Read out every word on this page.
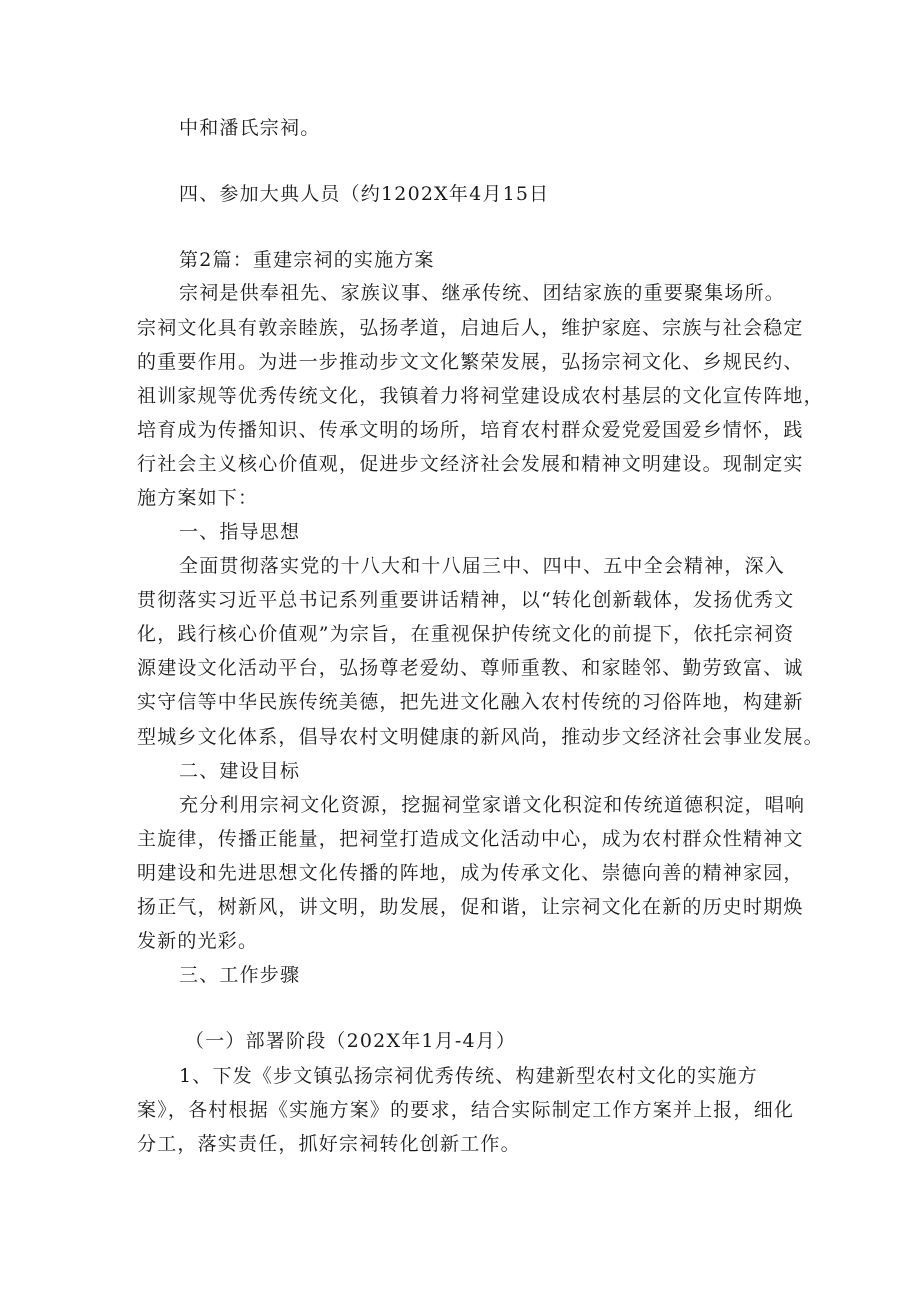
中和潘氏宗祠。
四、参加大典人员（约1202X年4月15日
第2篇：重建宗祠的实施方案
宗祠是供奉祖先、家族议事、继承传统、团结家族的重要聚集场所。
宗祠文化具有敦亲睦族，弘扬孝道，启迪后人，维护家庭、宗族与社会稳定
的重要作用。为进一步推动步文文化繁荣发展，弘扬宗祠文化、乡规民约、
祖训家规等优秀传统文化，我镇着力将祠堂建设成农村基层的文化宣传阵地，
培育成为传播知识、传承文明的场所，培育农村群众爱党爱国爱乡情怀，践
行社会主义核心价值观，促进步文经济社会发展和精神文明建设。现制定实
施方案如下：
一、指导思想
全面贯彻落实党的十八大和十八届三中、四中、五中全会精神，深入
贯彻落实习近平总书记系列重要讲话精神，以“转化创新载体，发扬优秀文
化，践行核心价值观”为宗旨，在重视保护传统文化的前提下，依托宗祠资
源建设文化活动平台，弘扬尊老爱幼、尊师重教、和家睦邻、勤劳致富、诚
实守信等中华民族传统美德，把先进文化融入农村传统的习俗阵地，构建新
型城乡文化体系，倡导农村文明健康的新风尚，推动步文经济社会事业发展。
二、建设目标
充分利用宗祠文化资源，挖掘祠堂家谱文化积淀和传统道德积淀，唱响
主旋律，传播正能量，把祠堂打造成文化活动中心，成为农村群众性精神文
明建设和先进思想文化传播的阵地，成为传承文化、崇德向善的精神家园，
扬正气，树新风，讲文明，助发展，促和谐，让宗祠文化在新的历史时期焕
发新的光彩。
三、工作步骤
（一）部署阶段（202X年1月-4月）
1、下发《步文镇弘扬宗祠优秀传统、构建新型农村文化的实施方
案》，各村根据《实施方案》的要求，结合实际制定工作方案并上报，细化
分工，落实责任，抓好宗祠转化创新工作。
